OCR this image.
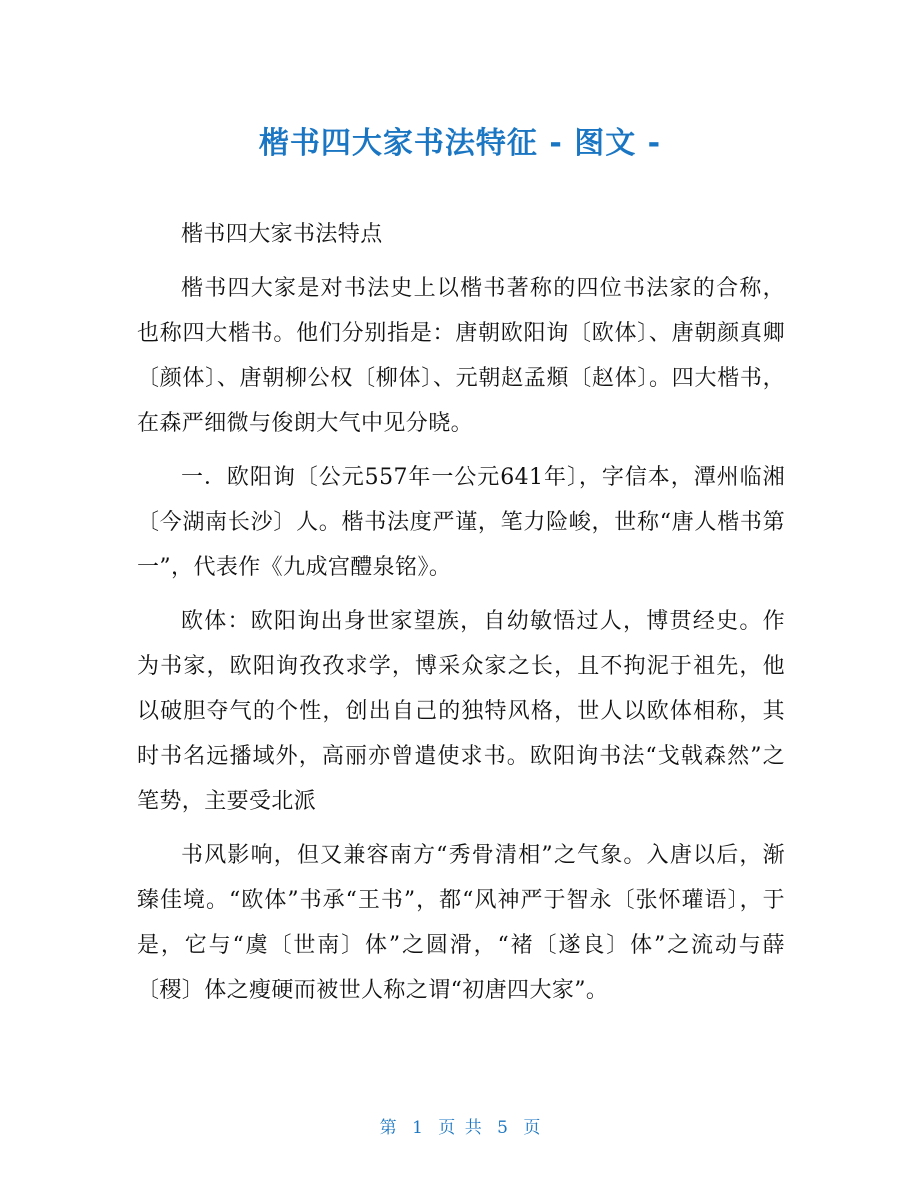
楷书四大家书法特征 - 图文 -

楷书四大家书法特点

楷书四大家是对书法史上以楷书著称的四位书法家的合称，也称四大楷书。他们分别指是：唐朝欧阳询〔欧体〕、唐朝颜真卿〔颜体〕、唐朝柳公权〔柳体〕、元朝赵孟頫〔赵体〕。四大楷书，在森严细微与俊朗大气中见分晓。

一．欧阳询〔公元557年一公元641年〕，字信本，潭州临湘〔今湖南长沙〕人。楷书法度严谨，笔力险峻，世称“唐人楷书第一”，代表作《九成宫醴泉铭》。

欧体：欧阳询出身世家望族，自幼敏悟过人，博贯经史。作为书家，欧阳询孜孜求学，博采众家之长，且不拘泥于祖先，他以破胆夺气的个性，创出自己的独特风格，世人以欧体相称，其时书名远播域外，高丽亦曾遣使求书。欧阳询书法“戈戟森然”之笔势，主要受北派

书风影响，但又兼容南方“秀骨清相”之气象。入唐以后，渐臻佳境。“欧体”书承“王书”，都“风神严于智永〔张怀瓘语〕，于是，它与“虞〔世南〕体”之圆滑，“褚〔遂良〕体”之流动与薛〔稷〕体之瘦硬而被世人称之谓“初唐四大家”。

第 1 页 共 5 页
